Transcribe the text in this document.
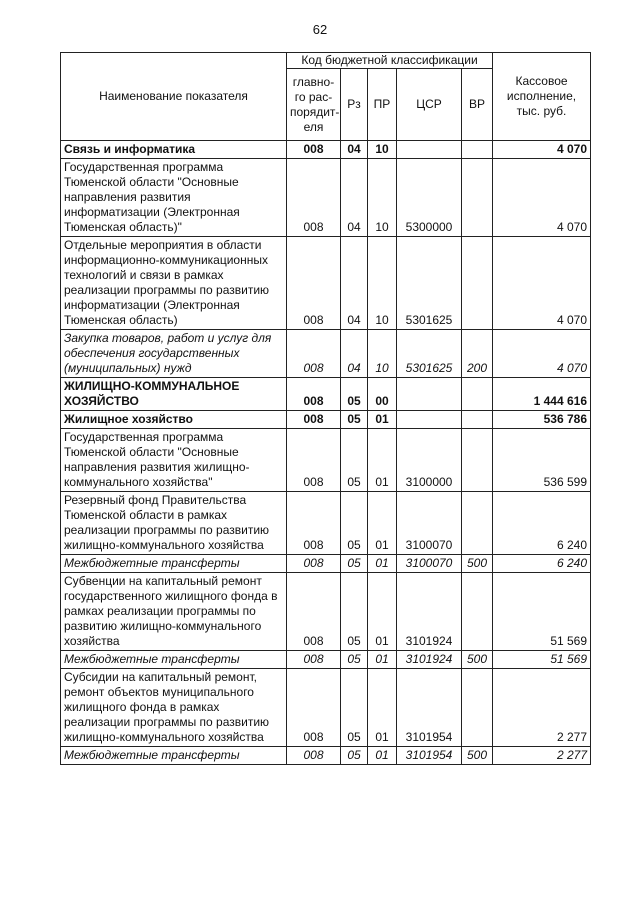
62
Наименование показателя	Код бюджетной классификации					Кассовое исполнение, тыс. руб.
	главно-го рас-порядит-еля	Рз	ПР	ЦСР	ВР	
Связь и информатика	008	04	10			4 070
Государственная программа Тюменской области "Основные направления развития информатизации (Электронная Тюменская область)"	008	04	10	5300000		4 070
Отдельные мероприятия в области информационно-коммуникационных технологий и связи в рамках реализации программы по развитию информатизации (Электронная Тюменская область)	008	04	10	5301625		4 070
Закупка товаров, работ и услуг для обеспечения государственных (муниципальных) нужд	008	04	10	5301625	200	4 070
ЖИЛИЩНО-КОММУНАЛЬНОЕ ХОЗЯЙСТВО	008	05	00			1 444 616
Жилищное хозяйство	008	05	01			536 786
Государственная программа Тюменской области "Основные направления развития жилищно-коммунального хозяйства"	008	05	01	3100000		536 599
Резервный фонд Правительства Тюменской области в рамках реализации программы по развитию жилищно-коммунального хозяйства	008	05	01	3100070		6 240
Межбюджетные трансферты	008	05	01	3100070	500	6 240
Субвенции на капитальный ремонт государственного жилищного фонда в рамках реализации программы по развитию жилищно-коммунального хозяйства	008	05	01	3101924		51 569
Межбюджетные трансферты	008	05	01	3101924	500	51 569
Субсидии на капитальный ремонт, ремонт объектов муниципального жилищного фонда в рамках реализации программы по развитию жилищно-коммунального хозяйства	008	05	01	3101954		2 277
Межбюджетные трансферты	008	05	01	3101954	500	2 277
